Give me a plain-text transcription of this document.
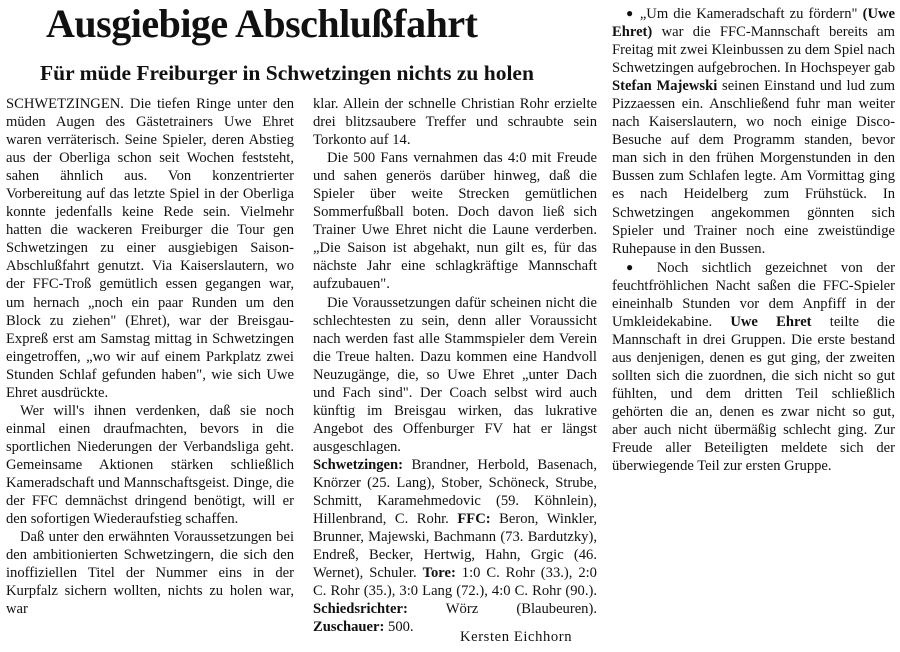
Ausgiebige Abschlußfahrt
Für müde Freiburger in Schwetzingen nichts zu holen

SCHWETZINGEN. Die tiefen Ringe unter den müden Augen des Gästetrainers Uwe Ehret waren verräterisch. Seine Spieler, deren Abstieg aus der Oberliga schon seit Wochen feststeht, sahen ähnlich aus. Von konzentrierter Vorbereitung auf das letzte Spiel in der Oberliga konnte jedenfalls keine Rede sein. Vielmehr hatten die wackeren Freiburger die Tour gen Schwetzingen zu einer ausgiebigen Saison-Abschlußfahrt genutzt. Via Kaiserslautern, wo der FFC-Troß gemütlich essen gegangen war, um hernach „noch ein paar Runden um den Block zu ziehen" (Ehret), war der Breisgau-Expreß erst am Samstag mittag in Schwetzingen eingetroffen, „wo wir auf einem Parkplatz zwei Stunden Schlaf gefunden haben", wie sich Uwe Ehret ausdrückte.

Wer will's ihnen verdenken, daß sie noch einmal einen draufmachten, bevors in die sportlichen Niederungen der Verbandsliga geht. Gemeinsame Aktionen stärken schließlich Kameradschaft und Mannschaftsgeist. Dinge, die der FFC demnächst dringend benötigt, will er den sofortigen Wiederaufstieg schaffen.

Daß unter den erwähnten Voraussetzungen bei den ambitionierten Schwetzingern, die sich den inoffiziellen Titel der Nummer eins in der Kurpfalz sichern wollten, nichts zu holen war, war

klar. Allein der schnelle Christian Rohr erzielte drei blitzsaubere Treffer und schraubte sein Torkonto auf 14.

Die 500 Fans vernahmen das 4:0 mit Freude und sahen generös darüber hinweg, daß die Spieler über weite Strecken gemütlichen Sommerfußball boten. Doch davon ließ sich Trainer Uwe Ehret nicht die Laune verderben. „Die Saison ist abgehakt, nun gilt es, für das nächste Jahr eine schlagkräftige Mannschaft aufzubauen".

Die Voraussetzungen dafür scheinen nicht die schlechtesten zu sein, denn aller Voraussicht nach werden fast alle Stammspieler dem Verein die Treue halten. Dazu kommen eine Handvoll Neuzugänge, die, so Uwe Ehret „unter Dach und Fach sind". Der Coach selbst wird auch künftig im Breisgau wirken, das lukrative Angebot des Offenburger FV hat er längst ausgeschlagen.

Schwetzingen: Brandner, Herbold, Basenach, Knörzer (25. Lang), Stober, Schöneck, Strube, Schmitt, Karamehmedovic (59. Köhnlein), Hillenbrand, C. Rohr. FFC: Beron, Winkler, Brunner, Majewski, Bachmann (73. Bardutzky), Endreß, Becker, Hertwig, Hahn, Grgic (46. Wernet), Schuler. Tore: 1:0 C. Rohr (33.), 2:0 C. Rohr (35.), 3:0 Lang (72.), 4:0 C. Rohr (90.). Schiedsrichter:	Wörz (Blaubeuren). Zuschauer: 500.

Kersten Eichhorn

● „Um die Kameradschaft zu fördern" (Uwe Ehret) war die FFC-Mannschaft bereits am Freitag mit zwei Kleinbussen zu dem Spiel nach Schwetzingen aufgebrochen. In Hochspeyer gab Stefan Majewski seinen Einstand und lud zum Pizzaessen ein. Anschließend fuhr man weiter nach Kaiserslautern, wo noch einige Disco-Besuche auf dem Programm standen, bevor man sich in den frühen Morgenstunden in den Bussen zum Schlafen legte. Am Vormittag ging es nach Heidelberg zum Frühstück. In Schwetzingen angekommen gönnten sich Spieler und Trainer noch eine zweistündige Ruhepause in den Bussen.

● Noch sichtlich gezeichnet von der feuchtfröhlichen Nacht saßen die FFC-Spieler eineinhalb Stunden vor dem Anpfiff in der Umkleidekabine. Uwe Ehret teilte die Mannschaft in drei Gruppen. Die erste bestand aus denjenigen, denen es gut ging, der zweiten sollten sich die zuordnen, die sich nicht so gut fühlten, und dem dritten Teil schließlich gehörten die an, denen es zwar nicht so gut, aber auch nicht übermäßig schlecht ging. Zur Freude aller Beteiligten meldete sich der überwiegende Teil zur ersten Gruppe.
